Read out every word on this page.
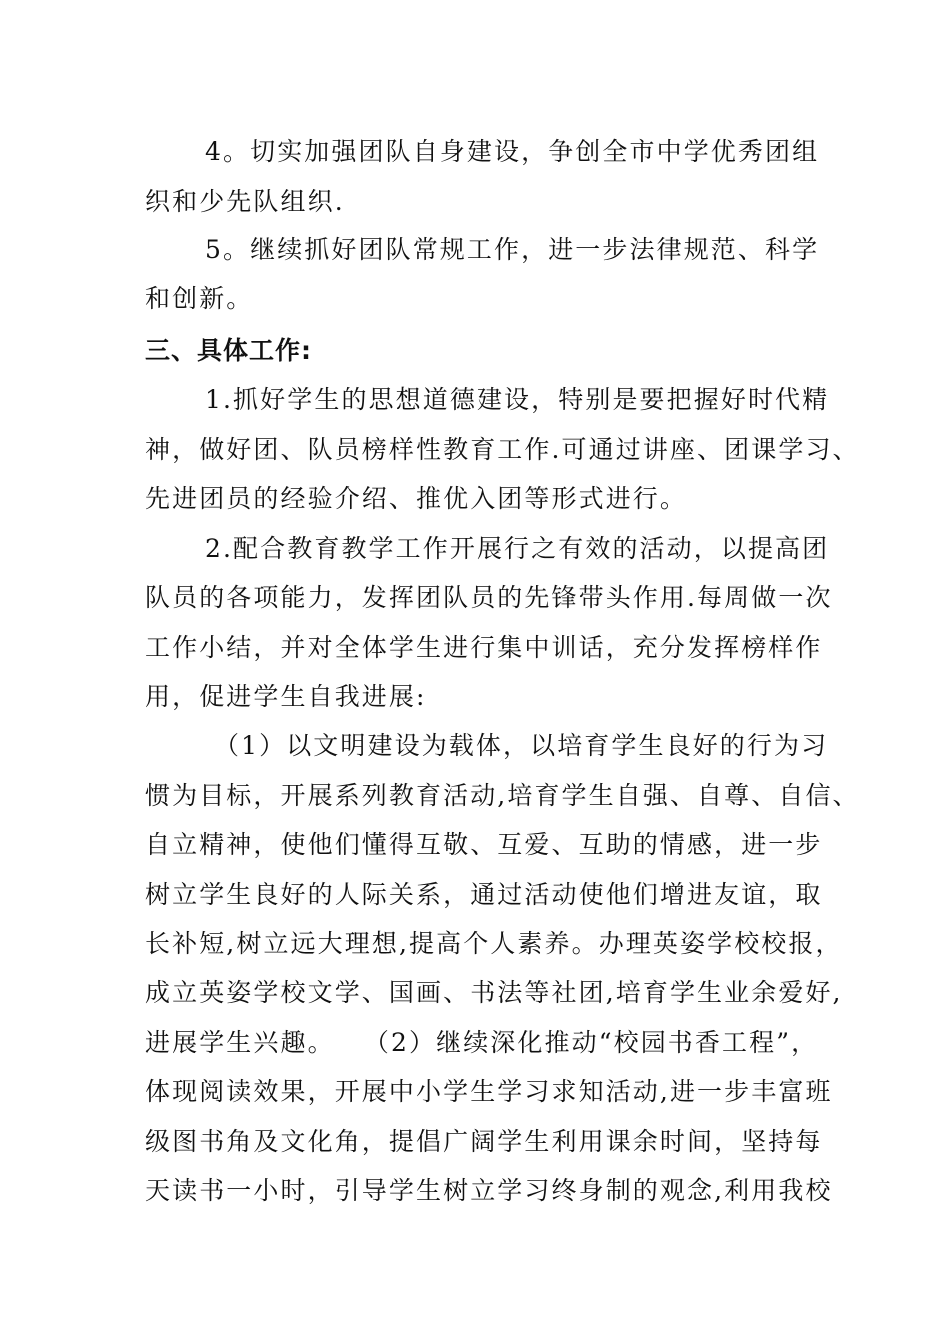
4。切实加强团队自身建设，争创全市中学优秀团组
织和少先队组织.
5。继续抓好团队常规工作，进一步法律规范、科学
和创新。
三、具体工作:
1.抓好学生的思想道德建设，特别是要把握好时代精
神，做好团、队员榜样性教育工作.可通过讲座、团课学习、
先进团员的经验介绍、推优入团等形式进行。
2.配合教育教学工作开展行之有效的活动，以提高团
队员的各项能力，发挥团队员的先锋带头作用.每周做一次
工作小结，并对全体学生进行集中训话，充分发挥榜样作
用，促进学生自我进展:
（1）以文明建设为载体，以培育学生良好的行为习
惯为目标，开展系列教育活动,培育学生自强、自尊、自信、
自立精神，使他们懂得互敬、互爱、互助的情感，进一步
树立学生良好的人际关系，通过活动使他们增进友谊，取
长补短,树立远大理想,提高个人素养。办理英姿学校校报，
成立英姿学校文学、国画、书法等社团,培育学生业余爱好,
进展学生兴趣。　　（2）继续深化推动“校园书香工程”，
体现阅读效果，开展中小学生学习求知活动,进一步丰富班
级图书角及文化角，提倡广阔学生利用课余时间，坚持每
天读书一小时，引导学生树立学习终身制的观念,利用我校
